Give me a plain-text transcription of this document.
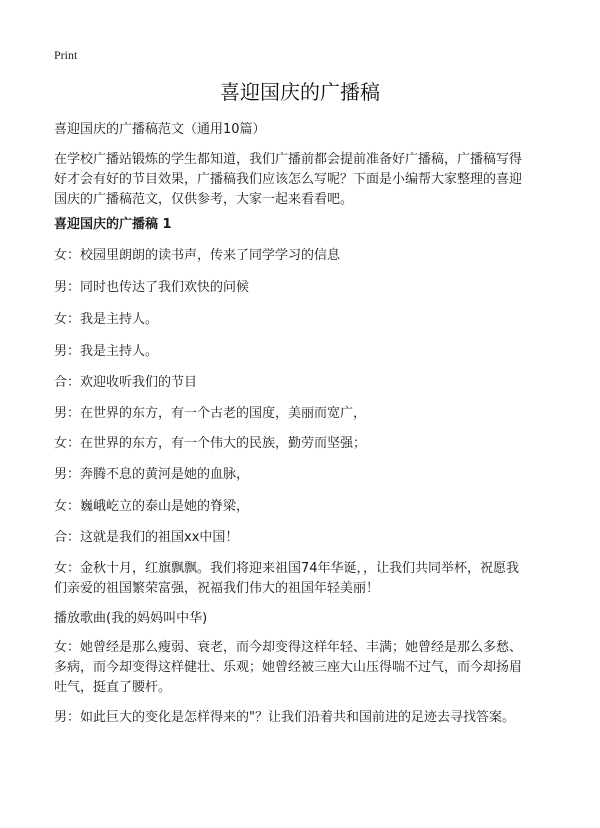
Print
喜迎国庆的广播稿
喜迎国庆的广播稿范文（通用10篇）
在学校广播站锻炼的学生都知道，我们广播前都会提前准备好广播稿，广播稿写得
好才会有好的节目效果，广播稿我们应该怎么写呢？下面是小编帮大家整理的喜迎
国庆的广播稿范文，仅供参考，大家一起来看看吧。
喜迎国庆的广播稿 1
女：校园里朗朗的读书声，传来了同学学习的信息
男：同时也传达了我们欢快的问候
女：我是主持人。
男：我是主持人。
合：欢迎收听我们的节目
男：在世界的东方，有一个古老的国度，美丽而宽广，
女：在世界的东方，有一个伟大的民族，勤劳而坚强；
男：奔腾不息的黄河是她的血脉，
女：巍峨屹立的泰山是她的脊梁，
合：这就是我们的祖国xx中国！
女：金秋十月，红旗飘飘。我们将迎来祖国74年华诞，，让我们共同举杯，祝愿我
们亲爱的祖国繁荣富强，祝福我们伟大的祖国年轻美丽！
播放歌曲(我的妈妈叫中华)
女：她曾经是那么瘦弱、衰老，而今却变得这样年轻、丰满；她曾经是那么多愁、
多病，而今却变得这样健壮、乐观；她曾经被三座大山压得喘不过气，而今却扬眉
吐气，挺直了腰杆。
男：如此巨大的变化是怎样得来的"？让我们沿着共和国前进的足迹去寻找答案。
